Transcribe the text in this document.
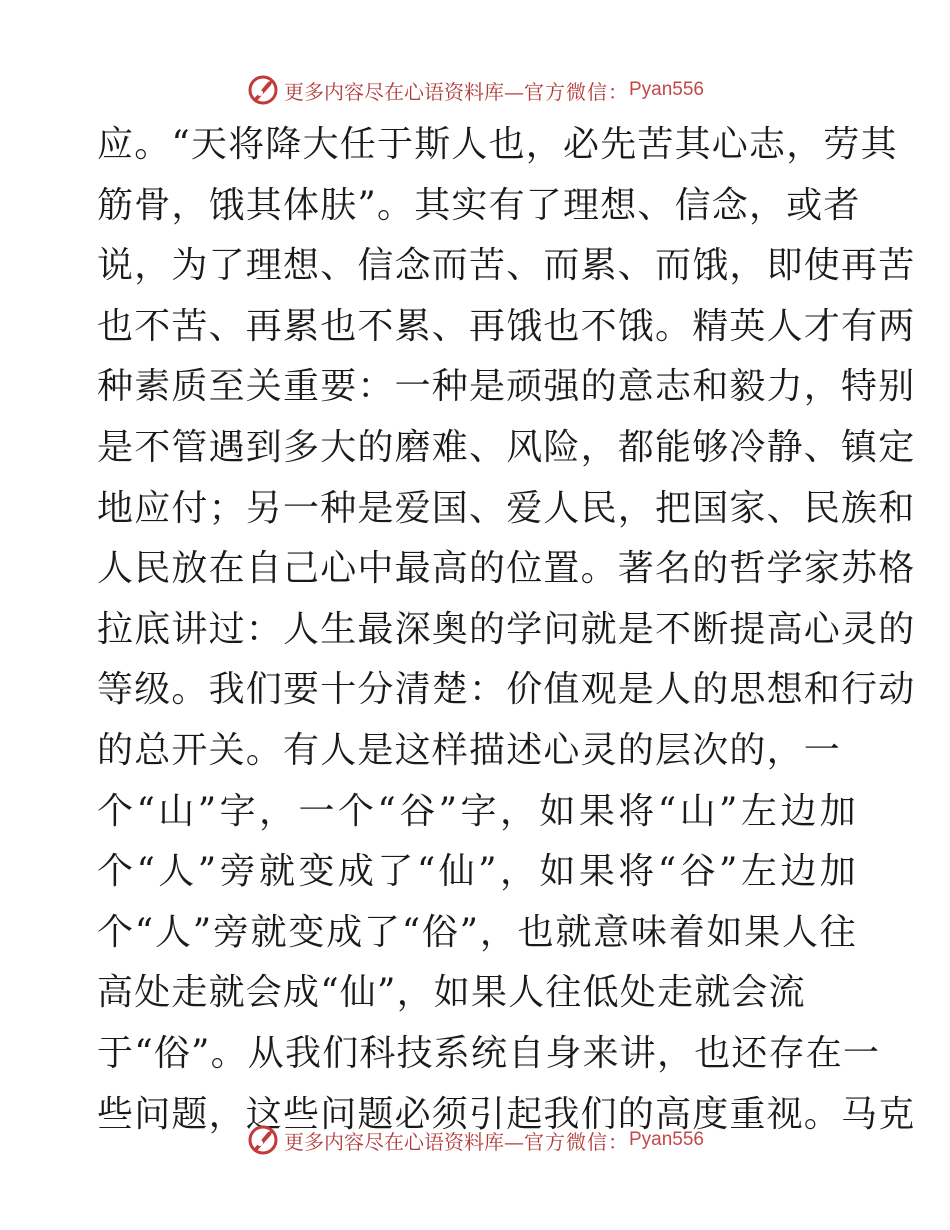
更多内容尽在心语资料库— 官方微信： Pyan556
应。“天将降大任于斯人也，必先苦其心志，劳其
筋骨，饿其体肤”。其实有了理想、信念，或者
说，为了理想、信念而苦、而累、而饿，即使再苦
也不苦、再累也不累、再饿也不饿。精英人才有两
种素质至关重要：一种是顽强的意志和毅力，特别
是不管遇到多大的磨难、风险，都能够冷静、镇定
地应付；另一种是爱国、爱人民，把国家、民族和
人民放在自己心中最高的位置。著名的哲学家苏格
拉底讲过：人生最深奥的学问就是不断提高心灵的
等级。我们要十分清楚：价值观是人的思想和行动
的总开关。有人是这样描述心灵的层次的，一
个“山”字，一个“谷”字，如果将“山”左边加
个“人”旁就变成了“仙”，如果将“谷”左边加
个“人”旁就变成了“俗”，也就意味着如果人往
高处走就会成“仙”，如果人往低处走就会流
于“俗”。从我们科技系统自身来讲，也还存在一
些问题，这些问题必须引起我们的高度重视。马克
更多内容尽在心语资料库— 官方微信： Pyan556
